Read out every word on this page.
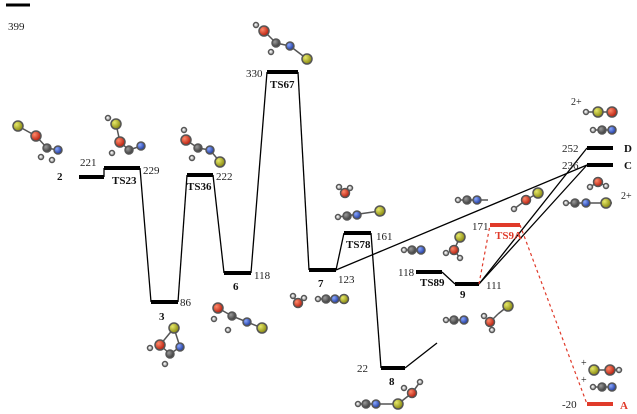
399
2	TS23
3
TS36
6
TS67
7
TS78
8
TS89
9
TS9A
D
C
A
221
229
86
222
118
330
123
161
22
118
111
171
252
236
-20
2+
2+
+
+
